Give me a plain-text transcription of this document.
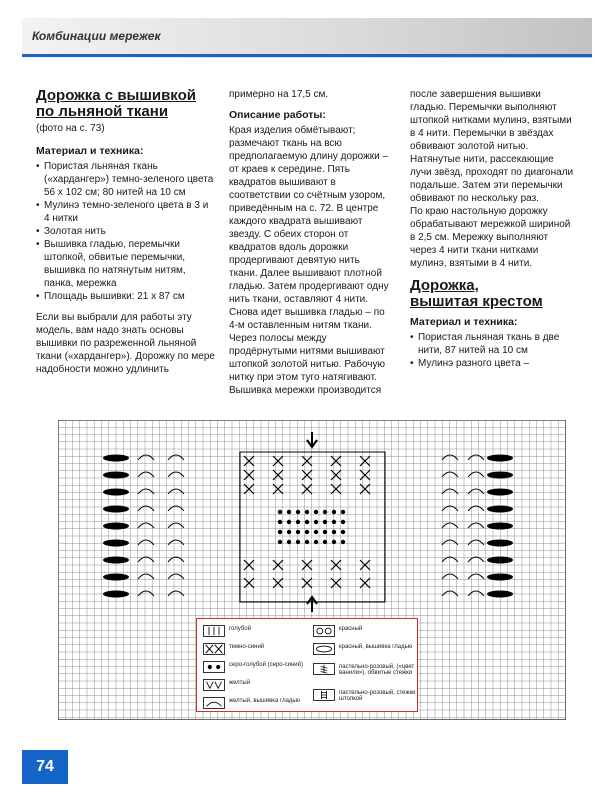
Комбинации мережек
Дорожка с вышивкой
по льняной ткани
(фото на с. 73)
Материал и техника:
• Пористая льняная ткань («хардангер») темно-зеленого цвета 56 х 102 см; 80 нитей на 10 см
• Мулинэ темно-зеленого цвета в 3 и 4 нитки
• Золотая нить
• Вышивка гладью, перемычки штопкой, обвитые перемычки, вышивка по натянутым нитям, панка, мережка
• Площадь вышивки: 21 х 87 см

Если вы выбрали для работы эту модель, вам надо знать основы вышивки по разреженной льняной ткани («хардангер»). Дорожку по мере надобности можно удлинить

примерно на 17,5 см.

Описание работы:

Края изделия обмётывают; размечают ткань на всю предполагаемую длину дорожки – от краев к середине. Пять квадратов вышивают в соответствии со счётным узором, приведённым на с. 72. В центре каждого квадрата вышивают звезду. С обеих сторон от квадратов вдоль дорожки продергивают девятую нить ткани. Далее вышивают плотной гладью. Затем продергивают одну нить ткани, оставляют 4 нити. Снова идет вышивка гладью – по 4-м оставленным нитям ткани. Через полосы между продёрнутыми нитями вышивают штопкой золотой нитью. Рабочую нитку при этом туго натягивают. Вышивка мережки производится

после завершения вышивки гладью. Перемычки выполняют штопкой нитками мулинэ, взятыми в 4 нити. Перемычки в звёздах обвивают золотой нитью. Натянутые нити, рассекающие лучи звёзд, проходят по диагонали подальше. Затем эти перемычки обвивают по нескольку раз.

По краю настольную дорожку обрабатывают мережкой шириной в 2,5 см. Мережку выполняют через 4 нити ткани нитками мулинэ, взятыми в 4 нити.

Дорожка,
вышитая крестом
Материал и техника:
• Пористая льняная ткань в две нити, 87 нитей на 10 см
• Мулинэ разного цвета –
голубой
темно-синий
серо-голубой (серо-синий)
желтый
желтый, вышивка гладью
красный
красный, вышивка гладью
пастельно-розовый, («цвет ванили»), обвитые стежки
пастельно-розовый, стежки штопкой
74
